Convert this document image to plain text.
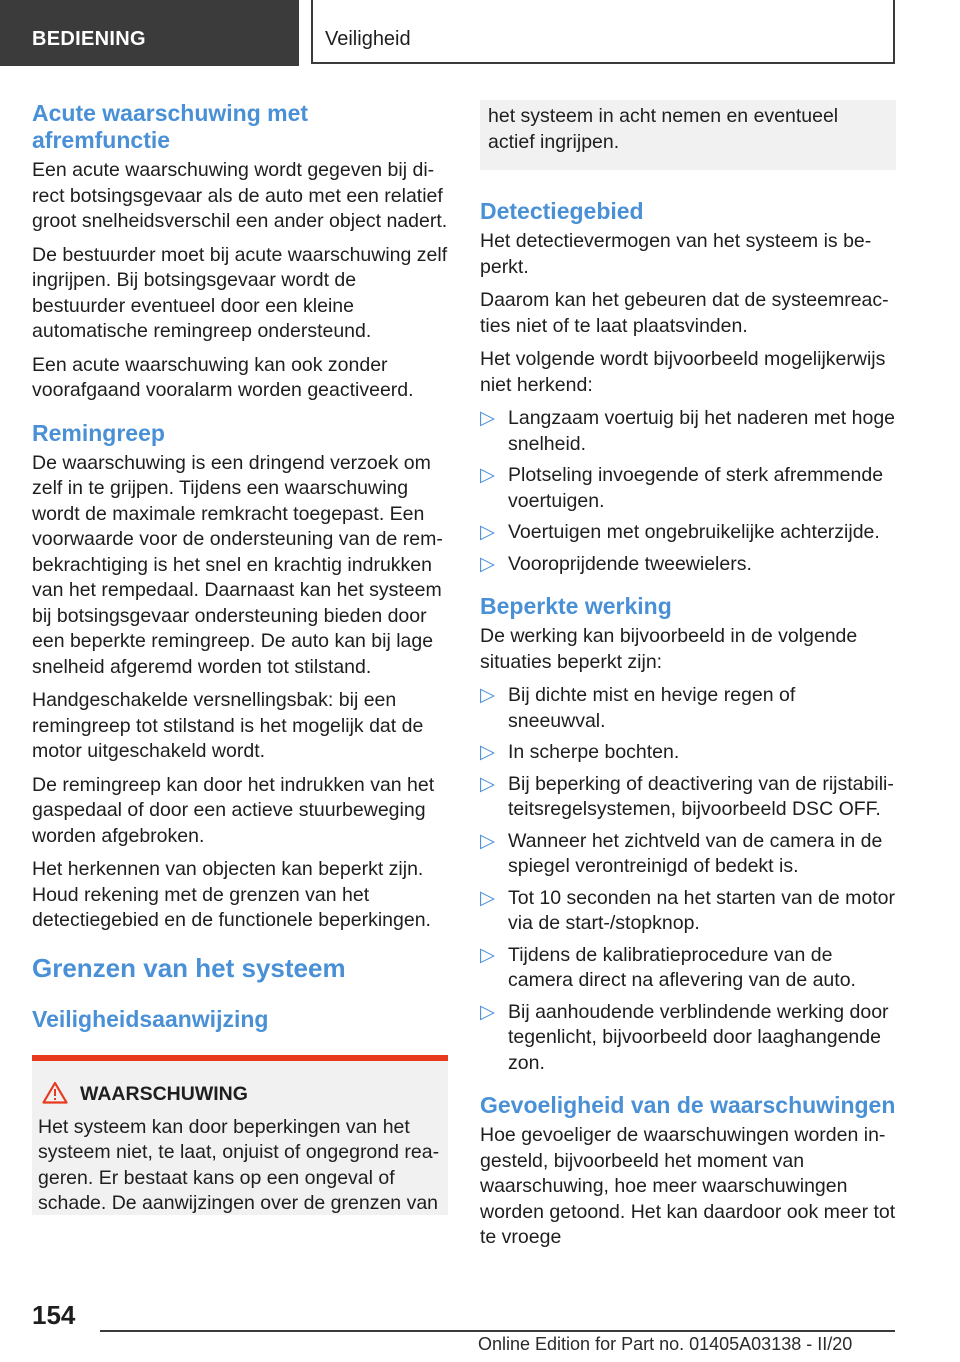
BEDIENING	Veiligheid
Acute waarschuwing met afremfunctie

Een acute waarschuwing wordt gegeven bij direct botsingsgevaar als de auto met een relatief groot snelheidsverschil een ander object nadert.

De bestuurder moet bij acute waarschuwing zelf ingrijpen. Bij botsingsgevaar wordt de bestuurder eventueel door een kleine automatische remingreep ondersteund.

Een acute waarschuwing kan ook zonder voorafgaand vooralarm worden geactiveerd.

Remingreep

De waarschuwing is een dringend verzoek om zelf in te grijpen. Tijdens een waarschuwing wordt de maximale remkracht toegepast. Een voorwaarde voor de ondersteuning van de rembekrachtiging is het snel en krachtig indrukken van het rempedaal. Daarnaast kan het systeem bij botsingsgevaar ondersteuning bieden door een beperkte remingreep. De auto kan bij lage snelheid afgeremd worden tot stilstand.

Handgeschakelde versnellingsbak: bij een remingreep tot stilstand is het mogelijk dat de motor uitgeschakeld wordt.

De remingreep kan door het indrukken van het gaspedaal of door een actieve stuurbeweging worden afgebroken.

Het herkennen van objecten kan beperkt zijn. Houd rekening met de grenzen van het detectiegebied en de functionele beperkingen.

Grenzen van het systeem
Veiligheidsaanwijzing
WAARSCHUWING

Het systeem kan door beperkingen van het systeem niet, te laat, onjuist of ongegrond reageren. Er bestaat kans op een ongeval of schade. De aanwijzingen over de grenzen van

het systeem in acht nemen en eventueel actief ingrijpen.

Detectiegebied

Het detectievermogen van het systeem is beperkt.

Daarom kan het gebeuren dat de systeemreacties niet of te laat plaatsvinden.

Het volgende wordt bijvoorbeeld mogelijkerwijs niet herkend:

▷ Langzaam voertuig bij het naderen met hoge snelheid.
▷ Plotseling invoegende of sterk afremmende voertuigen.
▷ Voertuigen met ongebruikelijke achterzijde.
▷ Vooroprijdende tweewielers.
Beperkte werking

De werking kan bijvoorbeeld in de volgende situaties beperkt zijn:

▷ Bij dichte mist en hevige regen of sneeuwval.
▷ In scherpe bochten.
▷ Bij beperking of deactivering van de rijstabiliteitsregelsystemen, bijvoorbeeld DSC OFF.
▷ Wanneer het zichtveld van de camera in de spiegel verontreinigd of bedekt is.
▷ Tot 10 seconden na het starten van de motor via de start-/stopknop.
▷ Tijdens de kalibratieprocedure van de camera direct na aflevering van de auto.
▷ Bij aanhoudende verblindende werking door tegenlicht, bijvoorbeeld door laaghangende zon.
Gevoeligheid van de waarschuwingen

Hoe gevoeliger de waarschuwingen worden ingesteld, bijvoorbeeld het moment van waarschuwing, hoe meer waarschuwingen worden getoond. Het kan daardoor ook meer tot te vroege

154
Online Edition for Part no. 01405A03138 - II/20
